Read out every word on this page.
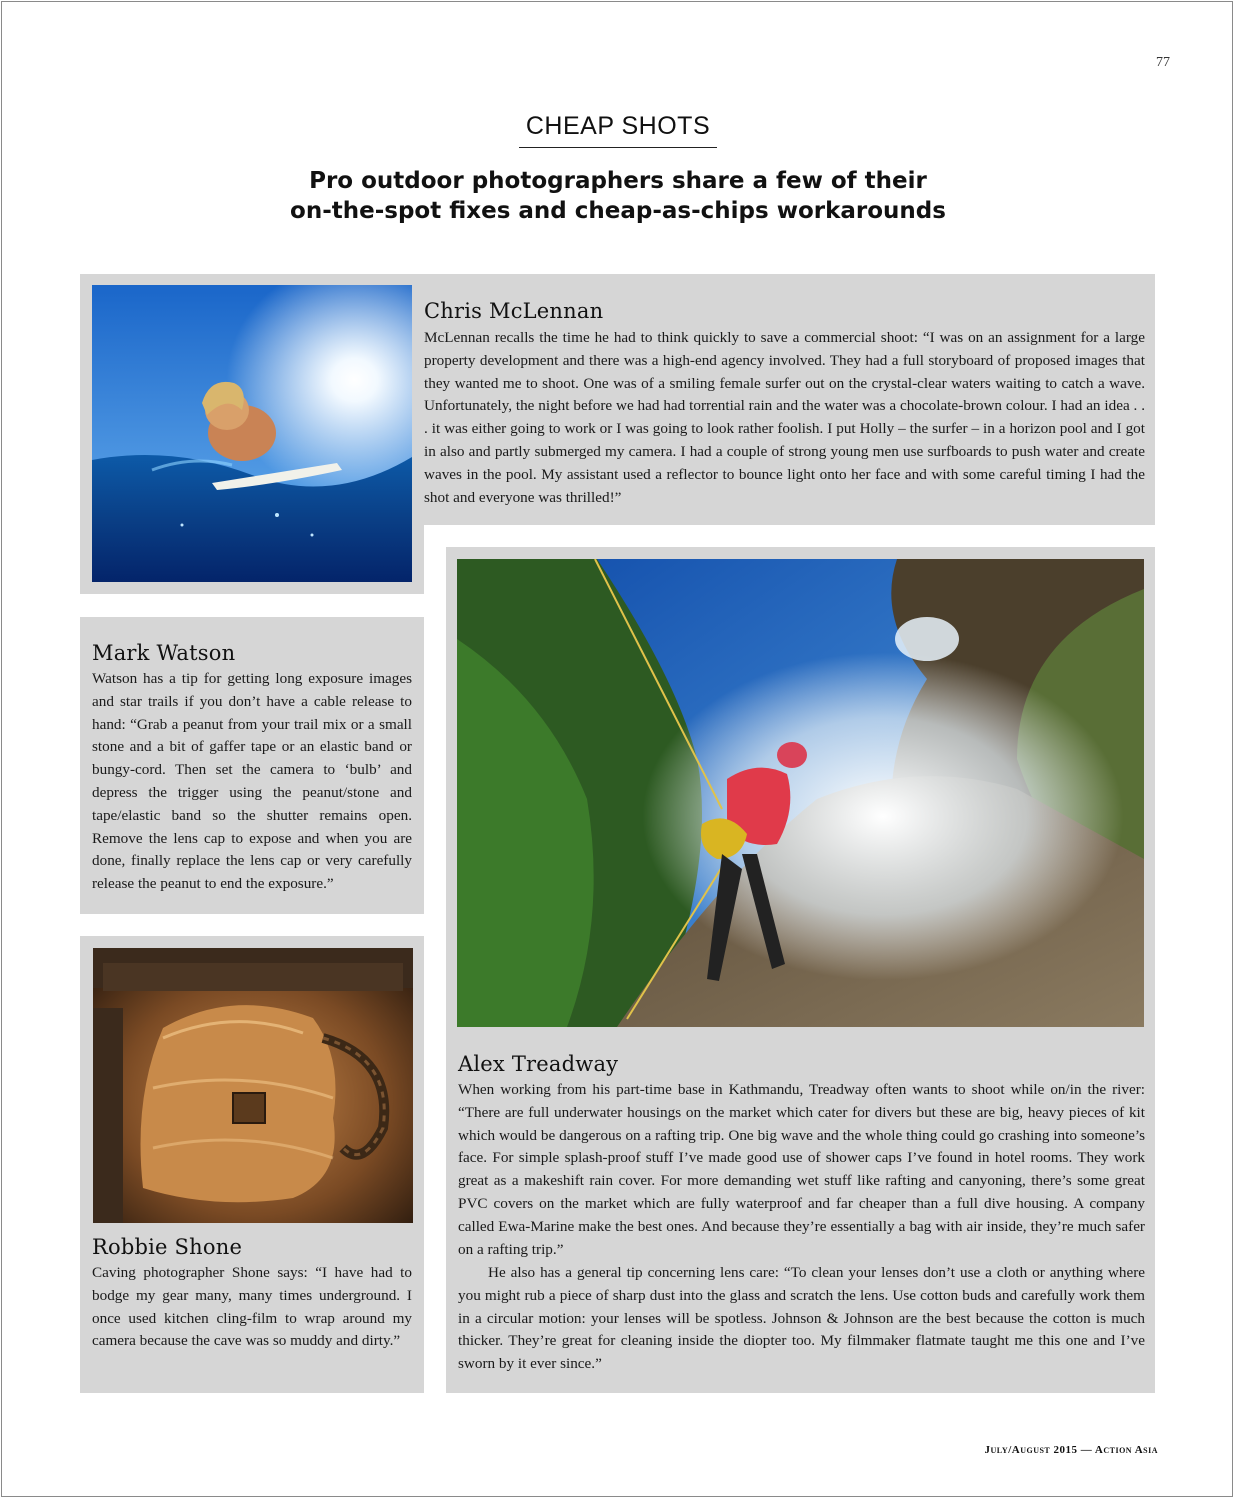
77
CHEAP SHOTS
Pro outdoor photographers share a few of their
on-the-spot fixes and cheap-as-chips workarounds
Chris McLennan

McLennan recalls the time he had to think quickly to save a commercial shoot: “I was on an assignment for a large property development and there was a high-end agency involved. They had a full storyboard of proposed images that they wanted me to shoot. One was of a smiling female surfer out on the crystal-clear waters waiting to catch a wave. Unfortunately, the night before we had had torrential rain and the water was a chocolate-brown colour. I had an idea . . . it was either going to work or I was going to look rather foolish. I put Holly – the surfer – in a horizon pool and I got in also and partly submerged my camera. I had a couple of strong young men use surfboards to push water and create waves in the pool. My assistant used a reflector to bounce light onto her face and with some careful timing I had the shot and everyone was thrilled!”

Mark Watson

Watson has a tip for getting long exposure images and star trails if you don’t have a cable release to hand: “Grab a peanut from your trail mix or a small stone and a bit of gaffer tape or an elastic band or bungy-cord. Then set the camera to ‘bulb’ and depress the trigger using the peanut/stone and tape/elastic band so the shutter remains open. Remove the lens cap to expose and when you are done, finally replace the lens cap or very carefully release the peanut to end the exposure.”

Robbie Shone

Caving photographer Shone says: “I have had to bodge my gear many, many times underground. I once used kitchen cling-film to wrap around my camera because the cave was so muddy and dirty.”

Alex Treadway

When working from his part-time base in Kathmandu, Treadway often wants to shoot while on/in the river: “There are full underwater housings on the market which cater for divers but these are big, heavy pieces of kit which would be dangerous on a rafting trip. One big wave and the whole thing could go crashing into someone’s face. For simple splash-proof stuff I’ve made good use of shower caps I’ve found in hotel rooms. They work great as a makeshift rain cover. For more demanding wet stuff like rafting and canyoning, there’s some great PVC covers on the market which are fully waterproof and far cheaper than a full dive housing. A company called Ewa-Marine make the best ones. And because they’re essentially a bag with air inside, they’re much safer on a rafting trip.”

He also has a general tip concerning lens care: “To clean your lenses don’t use a cloth or anything where you might rub a piece of sharp dust into the glass and scratch the lens. Use cotton buds and carefully work them in a circular motion: your lenses will be spotless. Johnson & Johnson are the best because the cotton is much thicker. They’re great for cleaning inside the diopter too. My filmmaker flatmate taught me this one and I’ve sworn by it ever since.”

July/August 2015 — Action Asia
